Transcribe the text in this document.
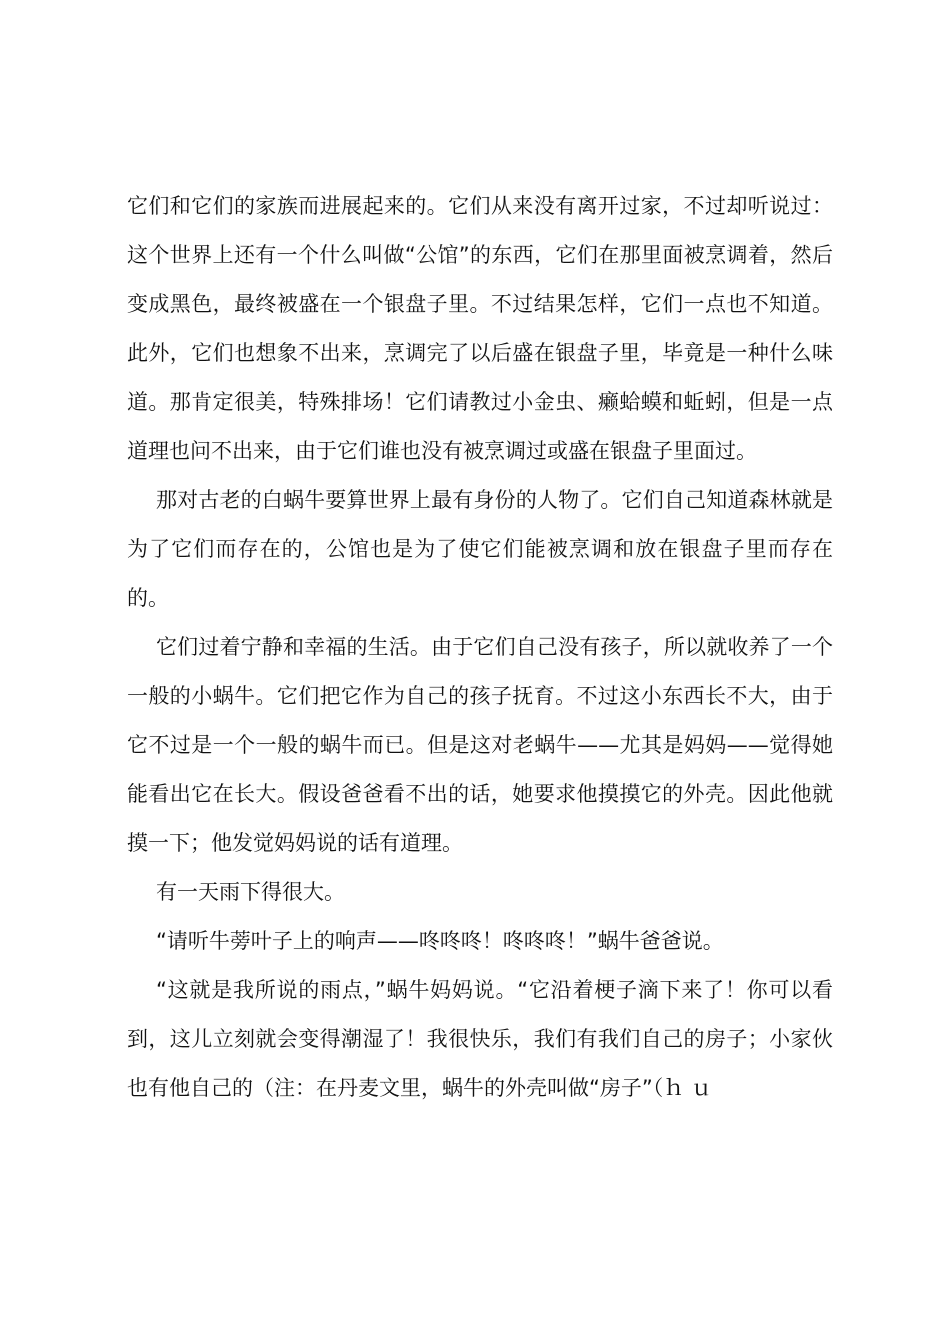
它们和它们的家族而进展起来的。它们从来没有离开过家，不过却听说过：这个世界上还有一个什么叫做“公馆”的东西，它们在那里面被烹调着，然后变成黑色，最终被盛在一个银盘子里。不过结果怎样，它们一点也不知道。此外，它们也想象不出来，烹调完了以后盛在银盘子里，毕竟是一种什么味道。那肯定很美，特殊排场！它们请教过小金虫、癞蛤蟆和蚯蚓，但是一点道理也问不出来，由于它们谁也没有被烹调过或盛在银盘子里面过。

那对古老的白蜗牛要算世界上最有身份的人物了。它们自己知道森林就是为了它们而存在的，公馆也是为了使它们能被烹调和放在银盘子里而存在的。

它们过着宁静和幸福的生活。由于它们自己没有孩子，所以就收养了一个一般的小蜗牛。它们把它作为自己的孩子抚育。不过这小东西长不大，由于它不过是一个一般的蜗牛而已。但是这对老蜗牛——尤其是妈妈——觉得她能看出它在长大。假设爸爸看不出的话，她要求他摸摸它的外壳。因此他就摸一下；他发觉妈妈说的话有道理。

有一天雨下得很大。

“请听牛蒡叶子上的响声——咚咚咚！咚咚咚！”蜗牛爸爸说。

“这就是我所说的雨点，”蜗牛妈妈说。“它沿着梗子滴下来了！你可以看到，这儿立刻就会变得潮湿了！我很快乐，我们有我们自己的房子；小家伙也有他自己的（注：在丹麦文里，蜗牛的外壳叫做“房子”（ｈ ｕ
